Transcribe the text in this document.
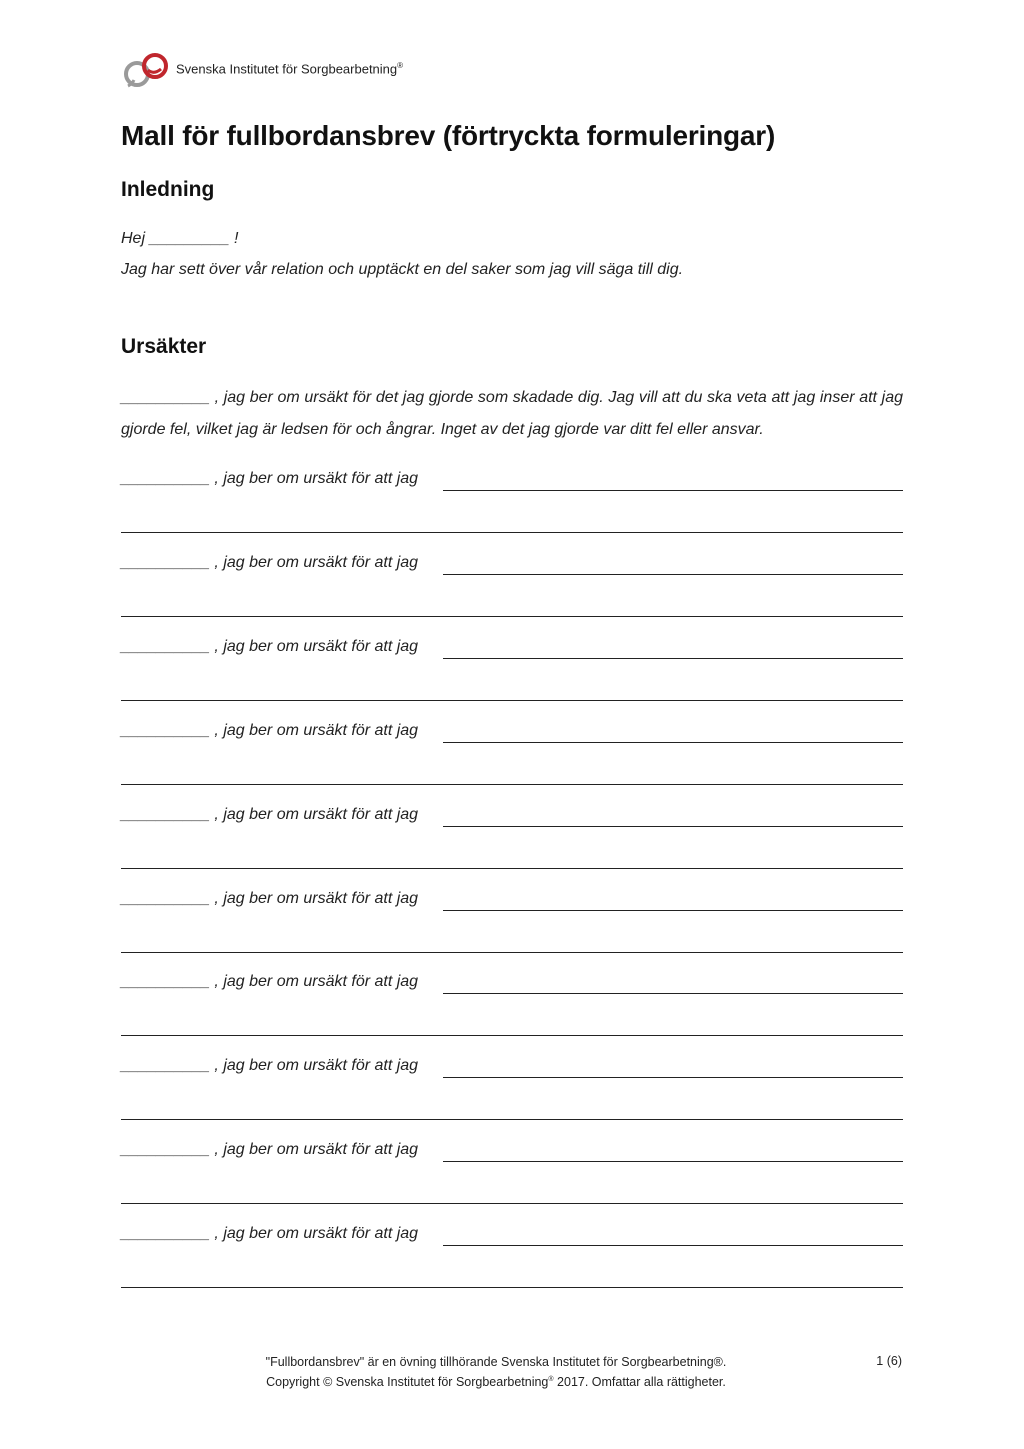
Svenska Institutet för Sorgbearbetning®
Mall för fullbordansbrev (förtryckta formuleringar)
Inledning
Hej _________ !
Jag har sett över vår relation och upptäckt en del saker som jag vill säga till dig.
Ursäkter
__________ , jag ber om ursäkt för det jag gjorde som skadade dig. Jag vill att du ska veta att jag inser att jag gjorde fel, vilket jag är ledsen för och ångrar. Inget av det jag gjorde var ditt fel eller ansvar.
__________ , jag ber om ursäkt för att jag
__________ , jag ber om ursäkt för att jag
__________ , jag ber om ursäkt för att jag
__________ , jag ber om ursäkt för att jag
__________ , jag ber om ursäkt för att jag
__________ , jag ber om ursäkt för att jag
__________ , jag ber om ursäkt för att jag
__________ , jag ber om ursäkt för att jag
__________ , jag ber om ursäkt för att jag
__________ , jag ber om ursäkt för att jag
"Fullbordansbrev" är en övning tillhörande Svenska Institutet för Sorgbearbetning®.
Copyright © Svenska Institutet för Sorgbearbetning® 2017. Omfattar alla rättigheter.
1 (6)
